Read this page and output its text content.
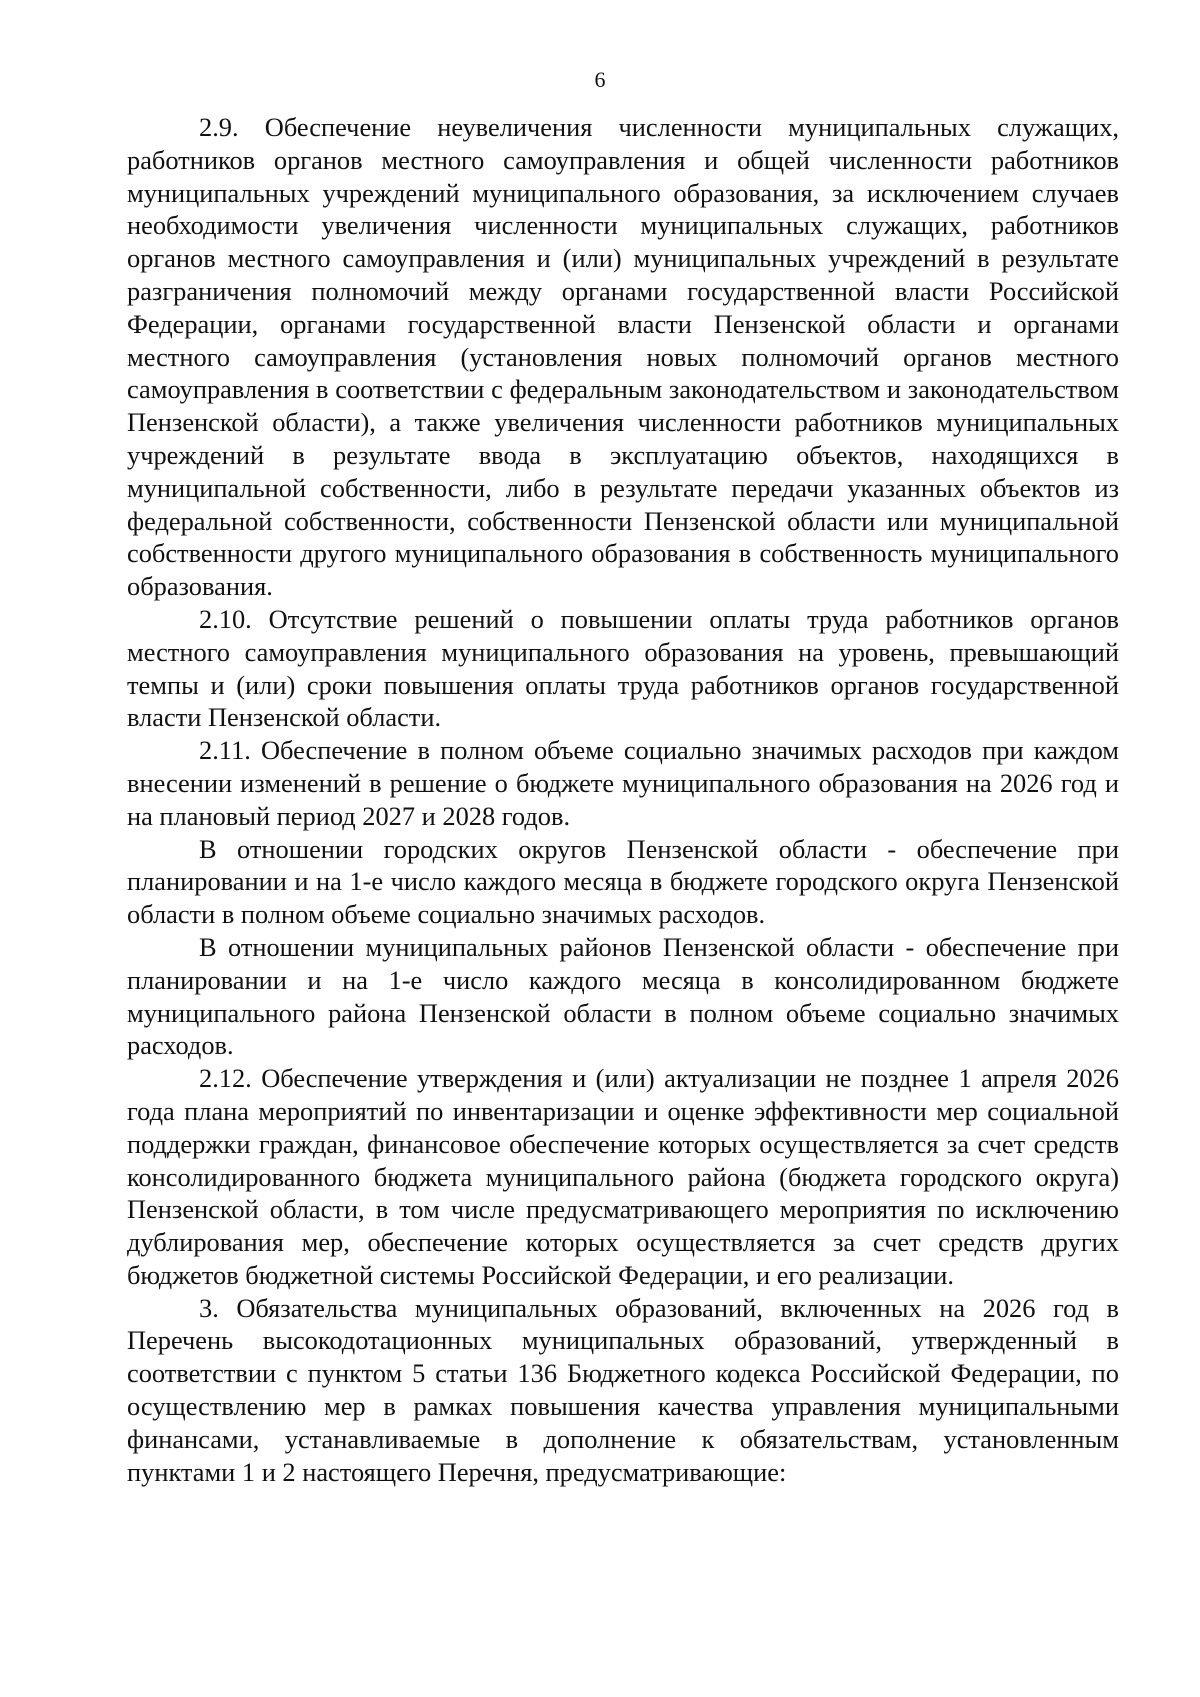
6

2.9. Обеспечение неувеличения численности муниципальных служащих, работников органов местного самоуправления и общей численности работников муниципальных учреждений муниципального образования, за исключением случаев необходимости увеличения численности муниципальных служащих, работников органов местного самоуправления и (или) муниципальных учреждений в результате разграничения полномочий между органами государственной власти Российской Федерации, органами государственной власти Пензенской области и органами местного самоуправления (установления новых полномочий органов местного самоуправления в соответствии с федеральным законодательством и законодательством Пензенской области), а также увеличения численности работников муниципальных учреждений в результате ввода в эксплуатацию объектов, находящихся в муниципальной собственности, либо в результате передачи указанных объектов из федеральной собственности, собственности Пензенской области или муниципальной собственности другого муниципального образования в собственность муниципального образования.

2.10. Отсутствие решений о повышении оплаты труда работников органов местного самоуправления муниципального образования на уровень, превышающий темпы и (или) сроки повышения оплаты труда работников органов государственной власти Пензенской области.

2.11. Обеспечение в полном объеме социально значимых расходов при каждом внесении изменений в решение о бюджете муниципального образования на 2026 год и на плановый период 2027 и 2028 годов.

В отношении городских округов Пензенской области - обеспечение при планировании и на 1-е число каждого месяца в бюджете городского округа Пензенской области в полном объеме социально значимых расходов.

В отношении муниципальных районов Пензенской области - обеспечение при планировании и на 1-е число каждого месяца в консолидированном бюджете муниципального района Пензенской области в полном объеме социально значимых расходов.

2.12. Обеспечение утверждения и (или) актуализации не позднее 1 апреля 2026 года плана мероприятий по инвентаризации и оценке эффективности мер социальной поддержки граждан, финансовое обеспечение которых осуществляется за счет средств консолидированного бюджета муниципального района (бюджета городского округа) Пензенской области, в том числе предусматривающего мероприятия по исключению дублирования мер, обеспечение которых осуществляется за счет средств других бюджетов бюджетной системы Российской Федерации, и его реализации.

3. Обязательства муниципальных образований, включенных на 2026 год в Перечень высокодотационных муниципальных образований, утвержденный в соответствии с пунктом 5 статьи 136 Бюджетного кодекса Российской Федерации, по осуществлению мер в рамках повышения качества управления муниципальными финансами, устанавливаемые в дополнение к обязательствам, установленным пунктами 1 и 2 настоящего Перечня, предусматривающие:
